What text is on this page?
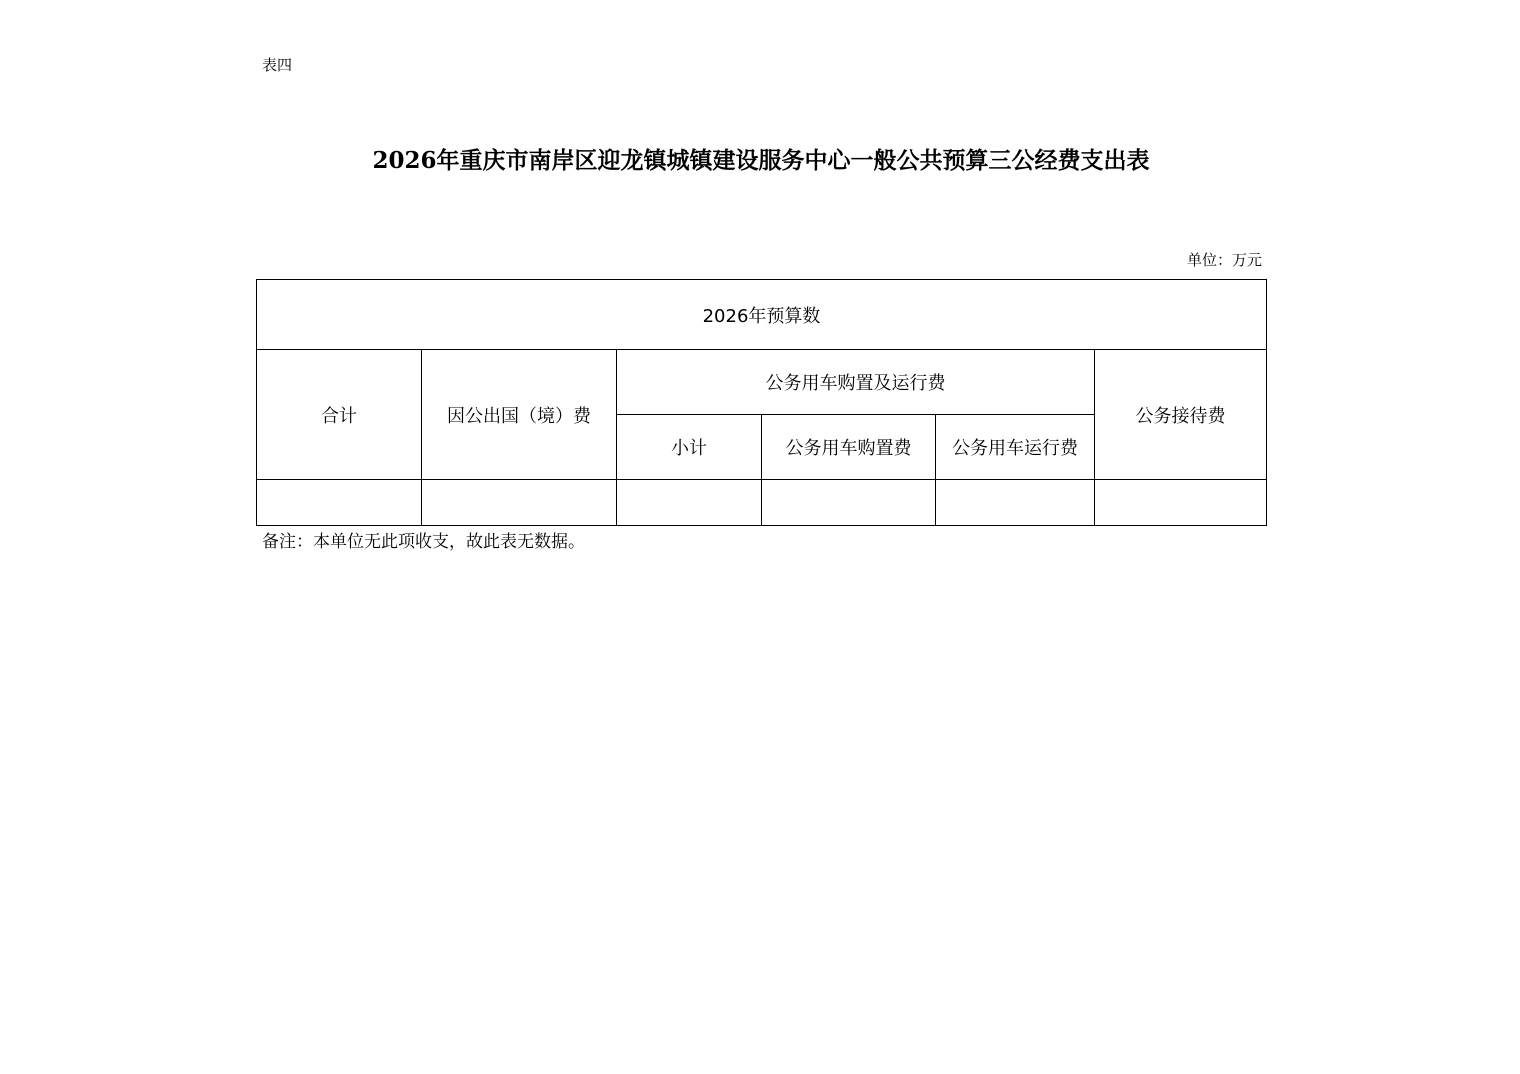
表四
2026年重庆市南岸区迎龙镇城镇建设服务中心一般公共预算三公经费支出表
单位：万元
2026年预算数					
合计	因公出国（境）费	公务用车购置及运行费			公务接待费
		小计	公务用车购置费	公务用车运行费	

备注：本单位无此项收支，故此表无数据。
